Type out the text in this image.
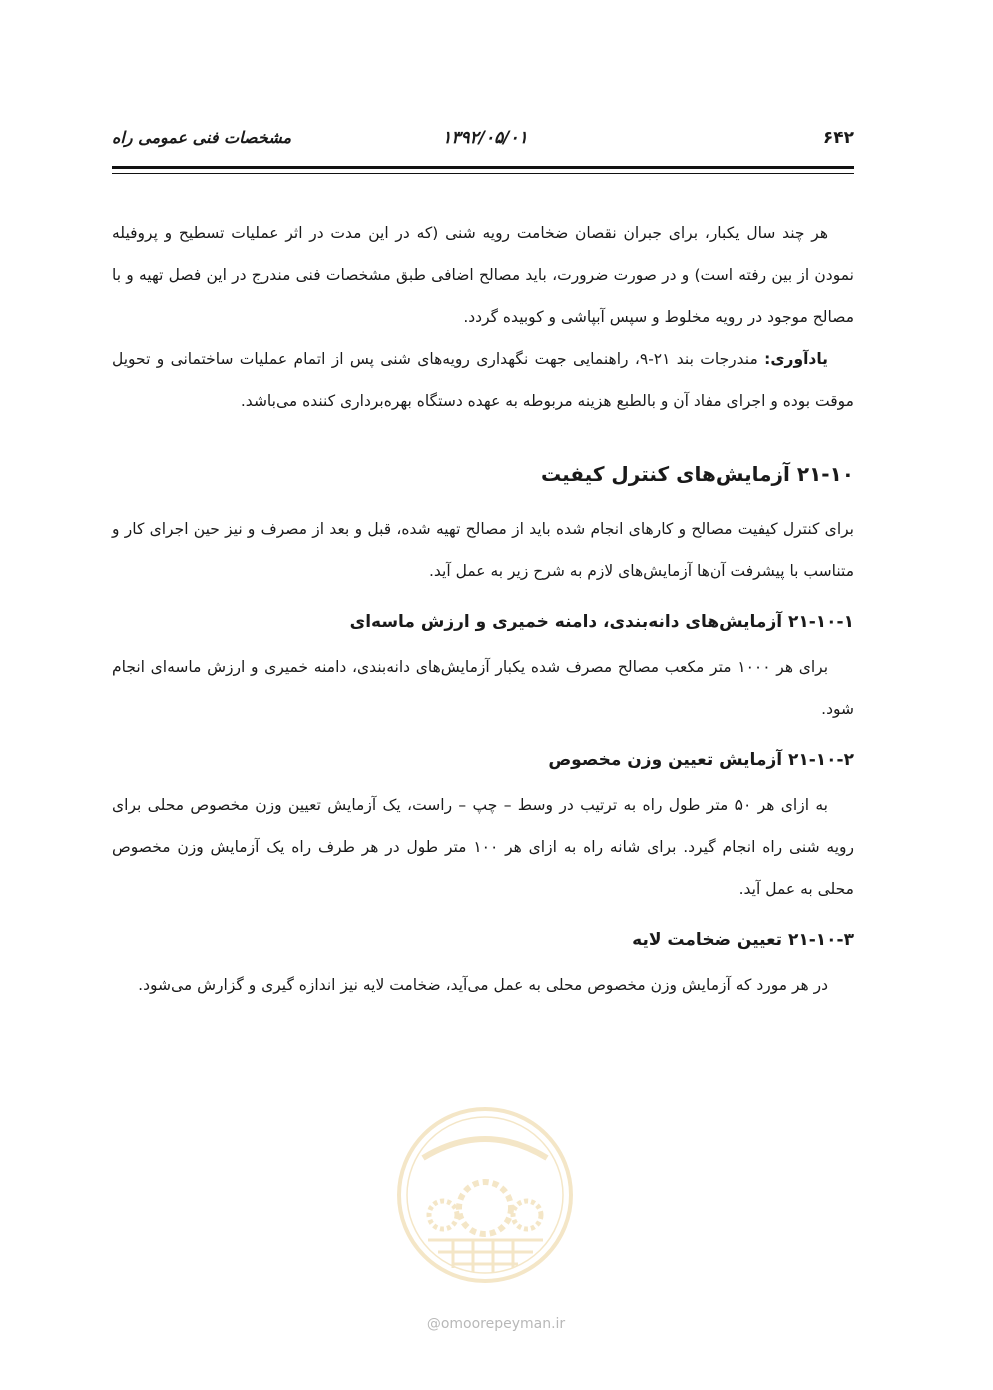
۶۴۲
۱۳۹۲/۰۵/۰۱
مشخصات فنی عمومی راه

هر چند سال یکبار، برای جبران نقصان ضخامت رویه شنی (که در این مدت در اثر عملیات تسطیح و پروفیله نمودن از بین رفته است) و در صورت ضرورت، باید مصالح اضافی طبق مشخصات فنی مندرج در این فصل تهیه و با مصالح موجود در رویه مخلوط و سپس آبپاشی و کوبیده گردد.

یادآوری: مندرجات بند ۲۱-۹، راهنمایی جهت نگهداری رویه‌های شنی پس از اتمام عملیات ساختمانی و تحویل موقت بوده و اجرای مفاد آن و بالطبع هزینه مربوطه به عهده دستگاه بهره‌برداری کننده می‌باشد.

۲۱-۱۰ آزمایش‌های کنترل کیفیت

برای کنترل کیفیت مصالح و کارهای انجام شده باید از مصالح تهیه شده، قبل و بعد از مصرف و نیز حین اجرای کار و متناسب با پیشرفت آن‌ها آزمایش‌های لازم به شرح زیر به عمل آید.

۲۱-۱۰-۱ آزمایش‌های دانه‌بندی، دامنه خمیری و ارزش ماسه‌ای

برای هر ۱۰۰۰ متر مکعب مصالح مصرف شده یکبار آزمایش‌های دانه‌بندی، دامنه خمیری و ارزش ماسه‌ای انجام شود.

۲۱-۱۰-۲ آزمایش تعیین وزن مخصوص

به ازای هر ۵۰ متر طول راه به ترتیب در وسط – چپ – راست، یک آزمایش تعیین وزن مخصوص محلی برای رویه شنی راه انجام گیرد. برای شانه راه به ازای هر ۱۰۰ متر طول در هر طرف راه یک آزمایش وزن مخصوص محلی به عمل آید.

۲۱-۱۰-۳ تعیین ضخامت لایه

در هر مورد که آزمایش وزن مخصوص محلی به عمل می‌آید، ضخامت لایه نیز اندازه گیری و گزارش می‌شود.

@omoorepeyman.ir
